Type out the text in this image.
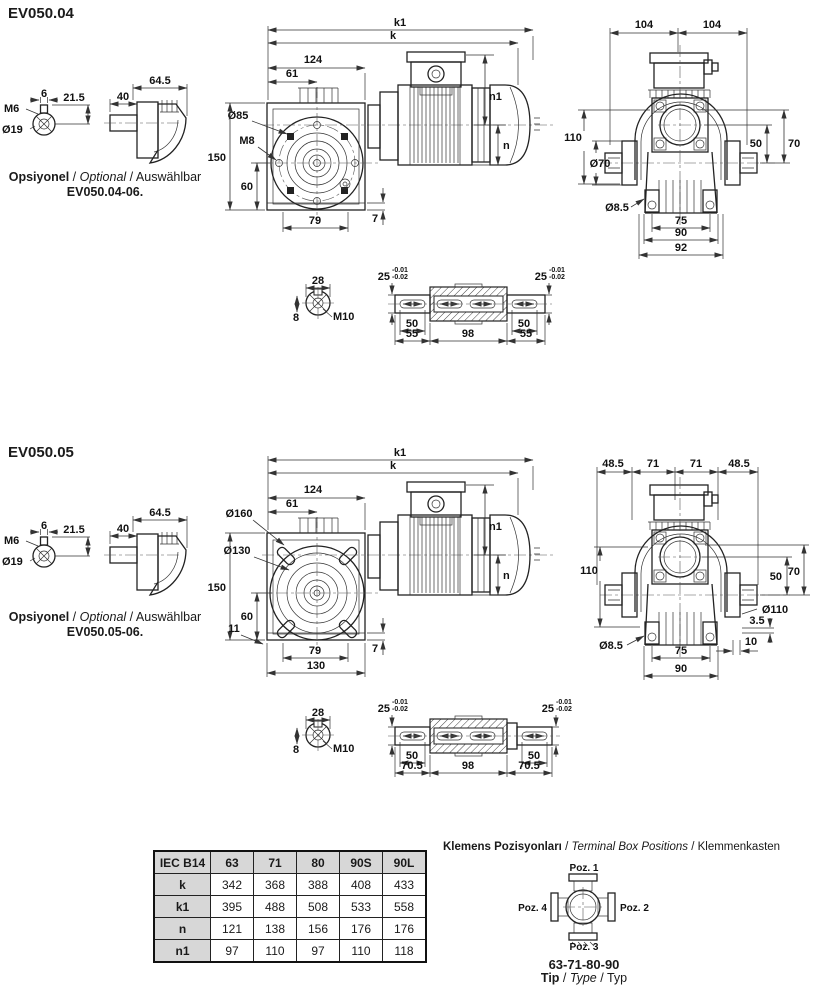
6 21.5
M6
Ø19
40
64.5
k1
k
124
61
n1
n
Ø85
M8
150
60
79	7
104	104
110
Ø70
50 70
Ø8.5
75
90
92
28
8	M10
25
-0.01
-0.02	25
-0.01
-0.02
50	50
55	98	55
6 21.5
M6
Ø19
40
64.5
k1
k
124
61
n1
n
Ø160
Ø130
150
60
11
79	7
130
48.5 71	71 48.5
110	50 70
Ø110
3.5
10
Ø8.5	75
90
28
8	M10
25
-0.01
-0.02	25
-0.01
-0.02
50	50
70.5	98	70.5
Poz. 1
Poz. 2
Poz. 3
Poz. 4
EV050.04
Opsiyonel / Optional / Auswählbar
EV050.04-06.
EV050.05
Opsiyonel / Optional / Auswählbar
EV050.05-06.
IEC B14	63	71	80	90S	90L
k	342	368	388	408	433
k1	395	488	508	533	558
n	121	138	156	176	176
n1	97	110	97	110	118
Klemens Pozisyonları / Terminal Box Positions / Klemmenkasten
63-71-80-90
Tip / Type / Typ
